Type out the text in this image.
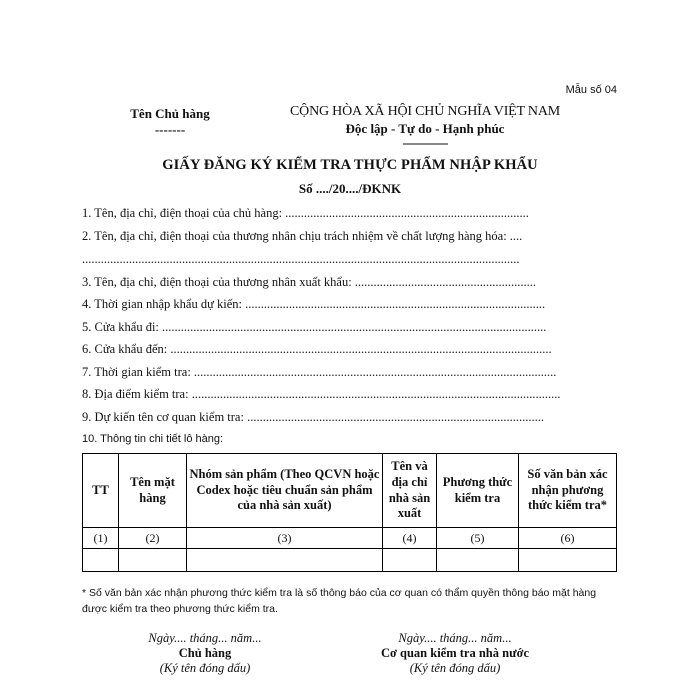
Mẫu số 04
Tên Chủ hàng
-------
CỘNG HÒA XÃ HỘI CHỦ NGHĨA VIỆT NAM
Độc lập - Tự do - Hạnh phúc
---------------
GIẤY ĐĂNG KÝ KIỂM TRA THỰC PHẨM NHẬP KHẨU
Số ..../20..../ĐKNK
1. Tên, địa chỉ, điện thoại của chủ hàng: ..............................................................................
2. Tên, địa chỉ, điện thoại của thương nhân chịu trách nhiệm về chất lượng hàng hóa: ....
............................................................................................................................................
3. Tên, địa chỉ, điện thoại của thương nhân xuất khẩu: ..........................................................
4. Thời gian nhập khẩu dự kiến: ................................................................................................
5. Cửa khẩu đi: ...........................................................................................................................
6. Cửa khẩu đến: ..........................................................................................................................
7. Thời gian kiểm tra: ....................................................................................................................
8. Địa điểm kiểm tra: ......................................................................................................................
9. Dự kiến tên cơ quan kiểm tra: ...............................................................................................
10. Thông tin chi tiết lô hàng:
TT	Tên mặt hàng	Nhóm sản phẩm (Theo QCVN hoặc Codex hoặc tiêu chuẩn sản phẩm của nhà sản xuất)	Tên và địa chỉ nhà sản xuất	Phương thức kiểm tra	Số văn bản xác nhận phương thức kiểm tra*
(1)	(2)	(3)	(4)	(5)	(6)

* Số văn bản xác nhận phương thức kiểm tra là số thông báo của cơ quan có thẩm quyền thông báo mặt hàng được kiểm tra theo phương thức kiểm tra.
Ngày.... tháng... năm...
Chủ hàng
(Ký tên đóng dấu)
Ngày.... tháng... năm...
Cơ quan kiểm tra nhà nước
(Ký tên đóng dấu)
